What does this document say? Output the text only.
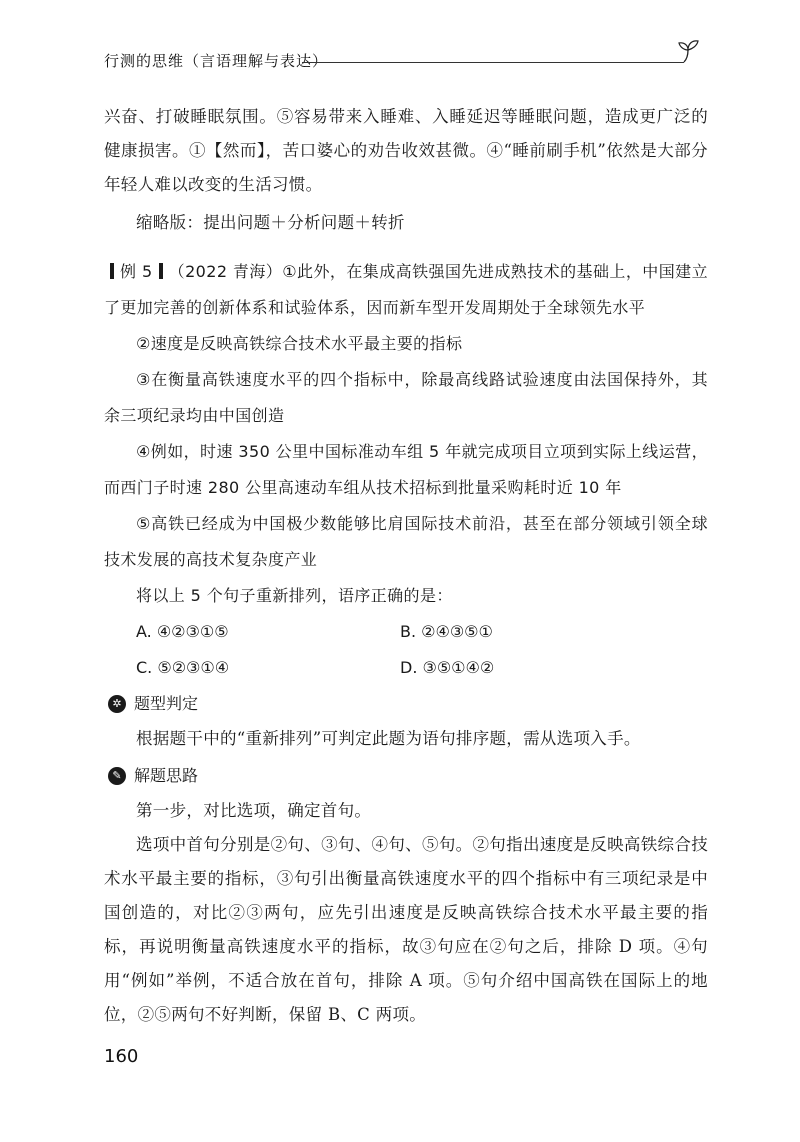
行测的思维（言语理解与表达）

兴奋、打破睡眠氛围。⑤容易带来入睡难、入睡延迟等睡眠问题，造成更广泛的健康损害。①【然而】，苦口婆心的劝告收效甚微。④“睡前刷手机”依然是大部分年轻人难以改变的生活习惯。

缩略版：提出问题＋分析问题＋转折

例 5 （2022 青海）①此外，在集成高铁强国先进成熟技术的基础上，中国建立了更加完善的创新体系和试验体系，因而新车型开发周期处于全球领先水平

②速度是反映高铁综合技术水平最主要的指标

③在衡量高铁速度水平的四个指标中，除最高线路试验速度由法国保持外，其余三项纪录均由中国创造

④例如，时速 350 公里中国标准动车组 5 年就完成项目立项到实际上线运营，而西门子时速 280 公里高速动车组从技术招标到批量采购耗时近 10 年

⑤高铁已经成为中国极少数能够比肩国际技术前沿，甚至在部分领域引领全球技术发展的高技术复杂度产业

将以上 5 个句子重新排列，语序正确的是：

A. ④②③①⑤	B. ②④③⑤①
C. ⑤②③①④	D. ③⑤①④②
✲ 题型判定

根据题干中的“重新排列”可判定此题为语句排序题，需从选项入手。

✎ 解题思路

第一步，对比选项，确定首句。

选项中首句分别是②句、③句、④句、⑤句。②句指出速度是反映高铁综合技术水平最主要的指标，③句引出衡量高铁速度水平的四个指标中有三项纪录是中国创造的，对比②③两句，应先引出速度是反映高铁综合技术水平最主要的指标，再说明衡量高铁速度水平的指标，故③句应在②句之后，排除 D 项。④句用“例如”举例，不适合放在首句，排除 A 项。⑤句介绍中国高铁在国际上的地位，②⑤两句不好判断，保留 B、C 两项。

160
